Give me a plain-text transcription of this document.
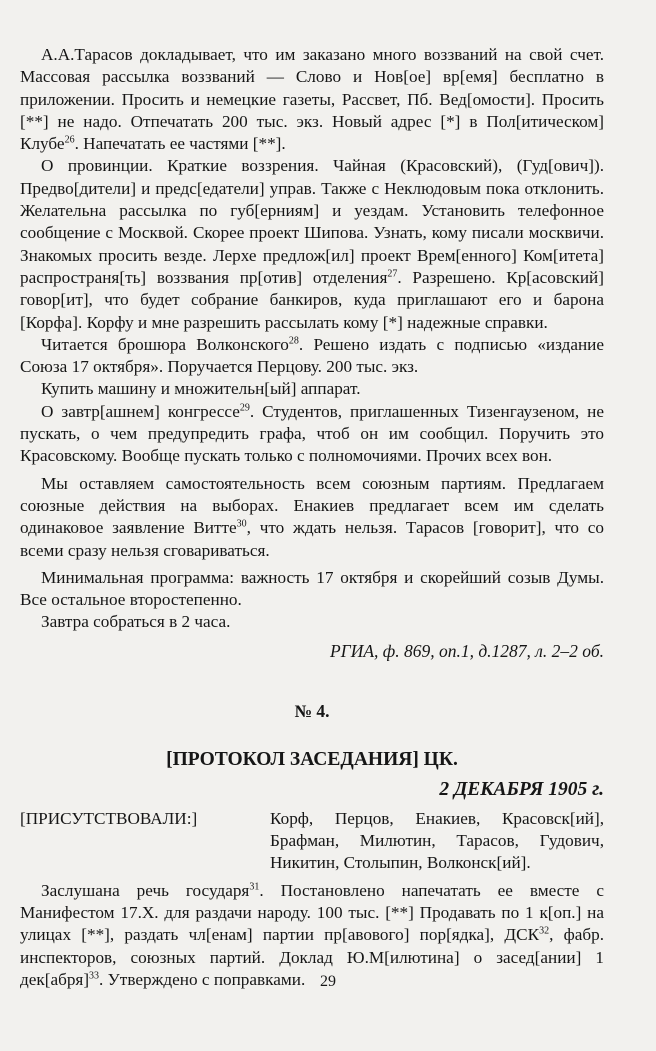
А.А.Тарасов докладывает, что им заказано много воззваний на свой счет. Массовая рассылка воззваний — Слово и Нов[ое] вр[емя] бесплатно в приложении. Просить и немецкие газеты, Рассвет, Пб. Вед[омости]. Просить [**] не надо. Отпечатать 200 тыс. экз. Новый адрес [*] в Пол[итическом] Клубе$^{26}$. Напечатать ее частями [**].

О провинции. Краткие воззрения. Чайная (Красовский), (Гуд[ович]). Предво[дители] и предс[едатели] управ. Также с Неклюдовым пока отклонить. Желательна рассылка по губ[ерниям] и уездам. Установить телефонное сообщение с Москвой. Скорее проект Шипова. Узнать, кому писали москвичи. Знакомых просить везде. Лерхе предлож[ил] проект Врем[енного] Ком[итета] распространя[ть] воззвания пр[отив] отделения$^{27}$. Разрешено. Кр[асовский] говор[ит], что будет собрание банкиров, куда приглашают его и барона [Корфа]. Корфу и мне разрешить рассылать кому [*] надежные справки.

Читается брошюра Волконского$^{28}$. Решено издать с подписью «издание Союза 17 октября». Поручается Перцову. 200 тыс. экз.

Купить машину и множительн[ый] аппарат.

О завтр[ашнем] конгрессе$^{29}$. Студентов, приглашенных Тизенгаузеном, не пускать, о чем предупредить графа, чтоб он им сообщил. Поручить это Красовскому. Вообще пускать только с полномочиями. Прочих всех вон.

Мы оставляем самостоятельность всем союзным партиям. Предлагаем союзные действия на выборах. Енакиев предлагает всем им сделать одинаковое заявление Витте$^{30}$, что ждать нельзя. Тарасов [говорит], что со всеми сразу нельзя сговариваться.

Минимальная программа: важность 17 октября и скорейший созыв Думы. Все остальное второстепенно.

Завтра собраться в 2 часа.

РГИА, ф. 869, оп.1, д.1287, л. 2–2 об.

№ 4.

[ПРОТОКОЛ ЗАСЕДАНИЯ] ЦК.

2 ДЕКАБРЯ 1905 г.

[ПРИСУТСТВОВАЛИ:]	Корф, Перцов, Енакиев, Красовск[ий], Брафман, Милютин, Тарасов, Гудович, Никитин, Столыпин, Волконск[ий].

Заслушана речь государя$^{31}$. Постановлено напечатать ее вместе с Манифестом 17.Х. для раздачи народу. 100 тыс. [**] Продавать по 1 к[оп.] на улицах [**], раздать чл[енам] партии пр[авового] пор[ядка], ДСК$^{32}$, фабр. инспекторов, союзных партий. Доклад Ю.М[илютина] о засед[ании] 1 дек[абря]$^{33}$. Утверждено с поправками. 29
